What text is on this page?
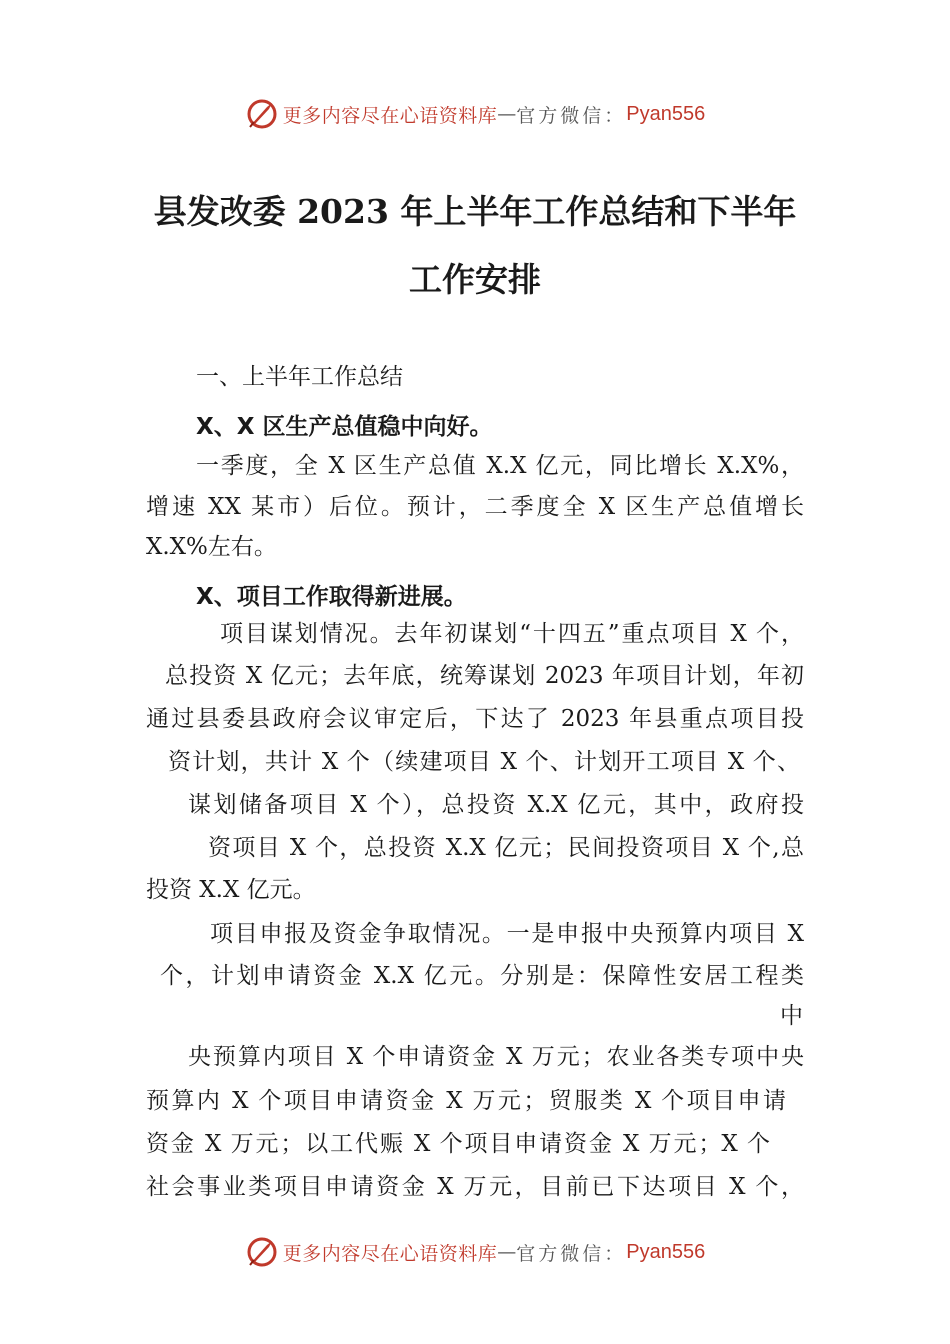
更多内容尽在心语资料库 — 官方微信： Pyan556
县发改委 2023 年上半年工作总结和下半年
工作安排
一、上半年工作总结
X、X 区生产总值稳中向好。
一季度，全 X 区生产总值 X.X 亿元，同比增长 X.X%，
增速 XX 某市）后位。预计，二季度全 X 区生产总值增长
X.X%左右。
X、项目工作取得新进展。
项目谋划情况。去年初谋划“十四五”重点项目 X 个，
总投资 X 亿元；去年底，统筹谋划 2023 年项目计划，年初
通过县委县政府会议审定后，下达了 2023 年县重点项目投
资计划，共计 X 个（续建项目 X 个、计划开工项目 X 个、
谋划储备项目 X 个），总投资 X.X 亿元，其中，政府投
资项目 X 个，总投资 X.X 亿元；民间投资项目 X 个,总
投资 X.X 亿元。
项目申报及资金争取情况。一是申报中央预算内项目 X
个，计划申请资金 X.X 亿元。分别是：保障性安居工程类
中
央预算内项目 X 个申请资金 X 万元；农业各类专项中央
预算内 X 个项目申请资金 X 万元；贸服类 X 个项目申请
资金 X 万元；以工代赈 X 个项目申请资金 X 万元；X 个
社会事业类项目申请资金 X 万元，目前已下达项目 X 个，
更多内容尽在心语资料库 — 官方微信： Pyan556
